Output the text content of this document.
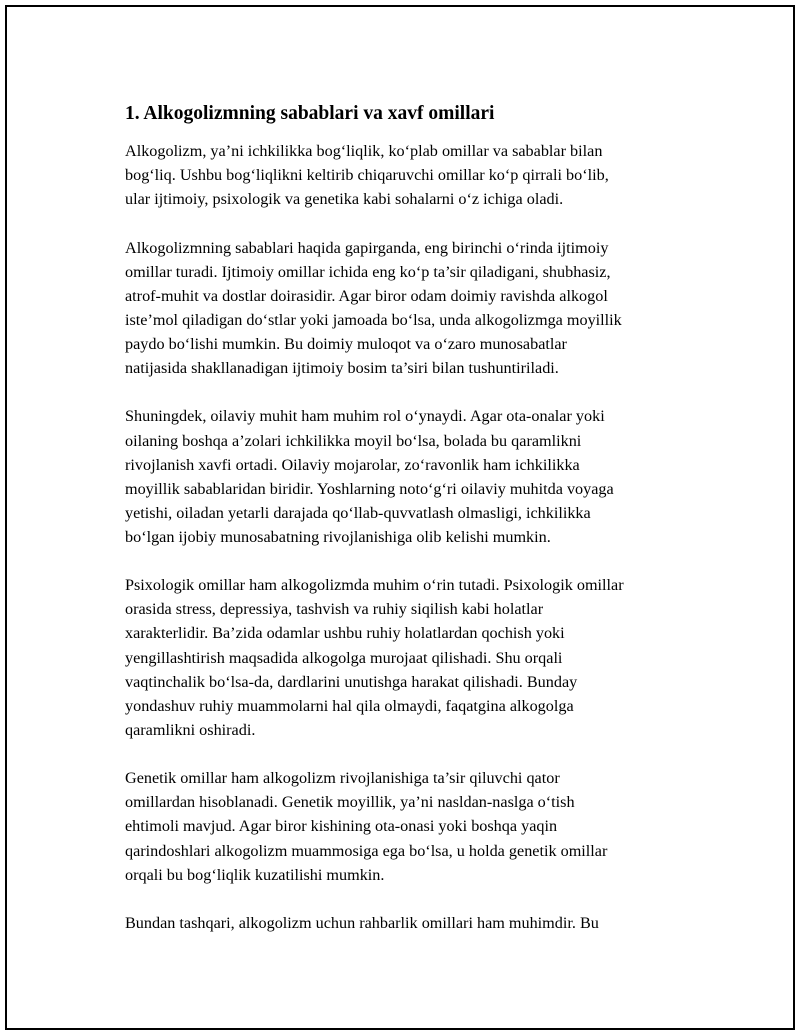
1. Alkogolizmning sabablari va xavf omillari

Alkogolizm, ya’ni ichkilikka bog‘liqlik, ko‘plab omillar va sabablar bilan
bog‘liq. Ushbu bog‘liqlikni keltirib chiqaruvchi omillar ko‘p qirrali bo‘lib,
ular ijtimoiy, psixologik va genetika kabi sohalarni o‘z ichiga oladi.

Alkogolizmning sabablari haqida gapirganda, eng birinchi o‘rinda ijtimoiy
omillar turadi. Ijtimoiy omillar ichida eng ko‘p ta’sir qiladigani, shubhasiz,
atrof-muhit va dostlar doirasidir. Agar biror odam doimiy ravishda alkogol
iste’mol qiladigan do‘stlar yoki jamoada bo‘lsa, unda alkogolizmga moyillik
paydo bo‘lishi mumkin. Bu doimiy muloqot va o‘zaro munosabatlar
natijasida shakllanadigan ijtimoiy bosim ta’siri bilan tushuntiriladi.

Shuningdek, oilaviy muhit ham muhim rol o‘ynaydi. Agar ota-onalar yoki
oilaning boshqa a’zolari ichkilikka moyil bo‘lsa, bolada bu qaramlikni
rivojlanish xavfi ortadi. Oilaviy mojarolar, zo‘ravonlik ham ichkilikka
moyillik sabablaridan biridir. Yoshlarning noto‘g‘ri oilaviy muhitda voyaga
yetishi, oiladan yetarli darajada qo‘llab-quvvatlash olmasligi, ichkilikka
bo‘lgan ijobiy munosabatning rivojlanishiga olib kelishi mumkin.

Psixologik omillar ham alkogolizmda muhim o‘rin tutadi. Psixologik omillar
orasida stress, depressiya, tashvish va ruhiy siqilish kabi holatlar
xarakterlidir. Ba’zida odamlar ushbu ruhiy holatlardan qochish yoki
yengillashtirish maqsadida alkogolga murojaat qilishadi. Shu orqali
vaqtinchalik bo‘lsa-da, dardlarini unutishga harakat qilishadi. Bunday
yondashuv ruhiy muammolarni hal qila olmaydi, faqatgina alkogolga
qaramlikni oshiradi.

Genetik omillar ham alkogolizm rivojlanishiga ta’sir qiluvchi qator
omillardan hisoblanadi. Genetik moyillik, ya’ni nasldan-naslga o‘tish
ehtimoli mavjud. Agar biror kishining ota-onasi yoki boshqa yaqin
qarindoshlari alkogolizm muammosiga ega bo‘lsa, u holda genetik omillar
orqali bu bog‘liqlik kuzatilishi mumkin.

Bundan tashqari, alkogolizm uchun rahbarlik omillari ham muhimdir. Bu
